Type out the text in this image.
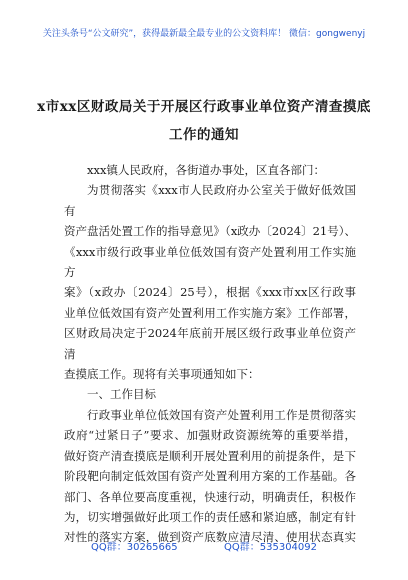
关注头条号“公文研究”，获得最新最全最专业的公文资料库！ 微信：gongwenyj
x市xx区财政局关于开展区行政事业单位资产清查摸底
工作的通知

xxx镇人民政府，各街道办事处，区直各部门：

为贯彻落实《xxx市人民政府办公室关于做好低效国有

资产盘活处置工作的指导意见》（x政办〔2024〕21号）、

《xxx市级行政事业单位低效国有资产处置利用工作实施方

案》（x政办〔2024〕25号），根据《xxx市xx区行政事

业单位低效国有资产处置利用工作实施方案》工作部署，

区财政局决定于2024年底前开展区级行政事业单位资产清

查摸底工作。现将有关事项通知如下：

一、工作目标

行政事业单位低效国有资产处置利用工作是贯彻落实

政府“过紧日子”要求、加强财政资源统筹的重要举措，

做好资产清查摸底是顺利开展处置利用的前提条件，是下

阶段靶向制定低效国有资产处置利用方案的工作基础。各

部门、各单位要高度重视，快速行动，明确责任，积极作

为，切实增强做好此项工作的责任感和紧迫感，制定有针

对性的落实方案，做到资产底数应清尽清、使用状态真实

QQ群：30265665	QQ群：535304092
